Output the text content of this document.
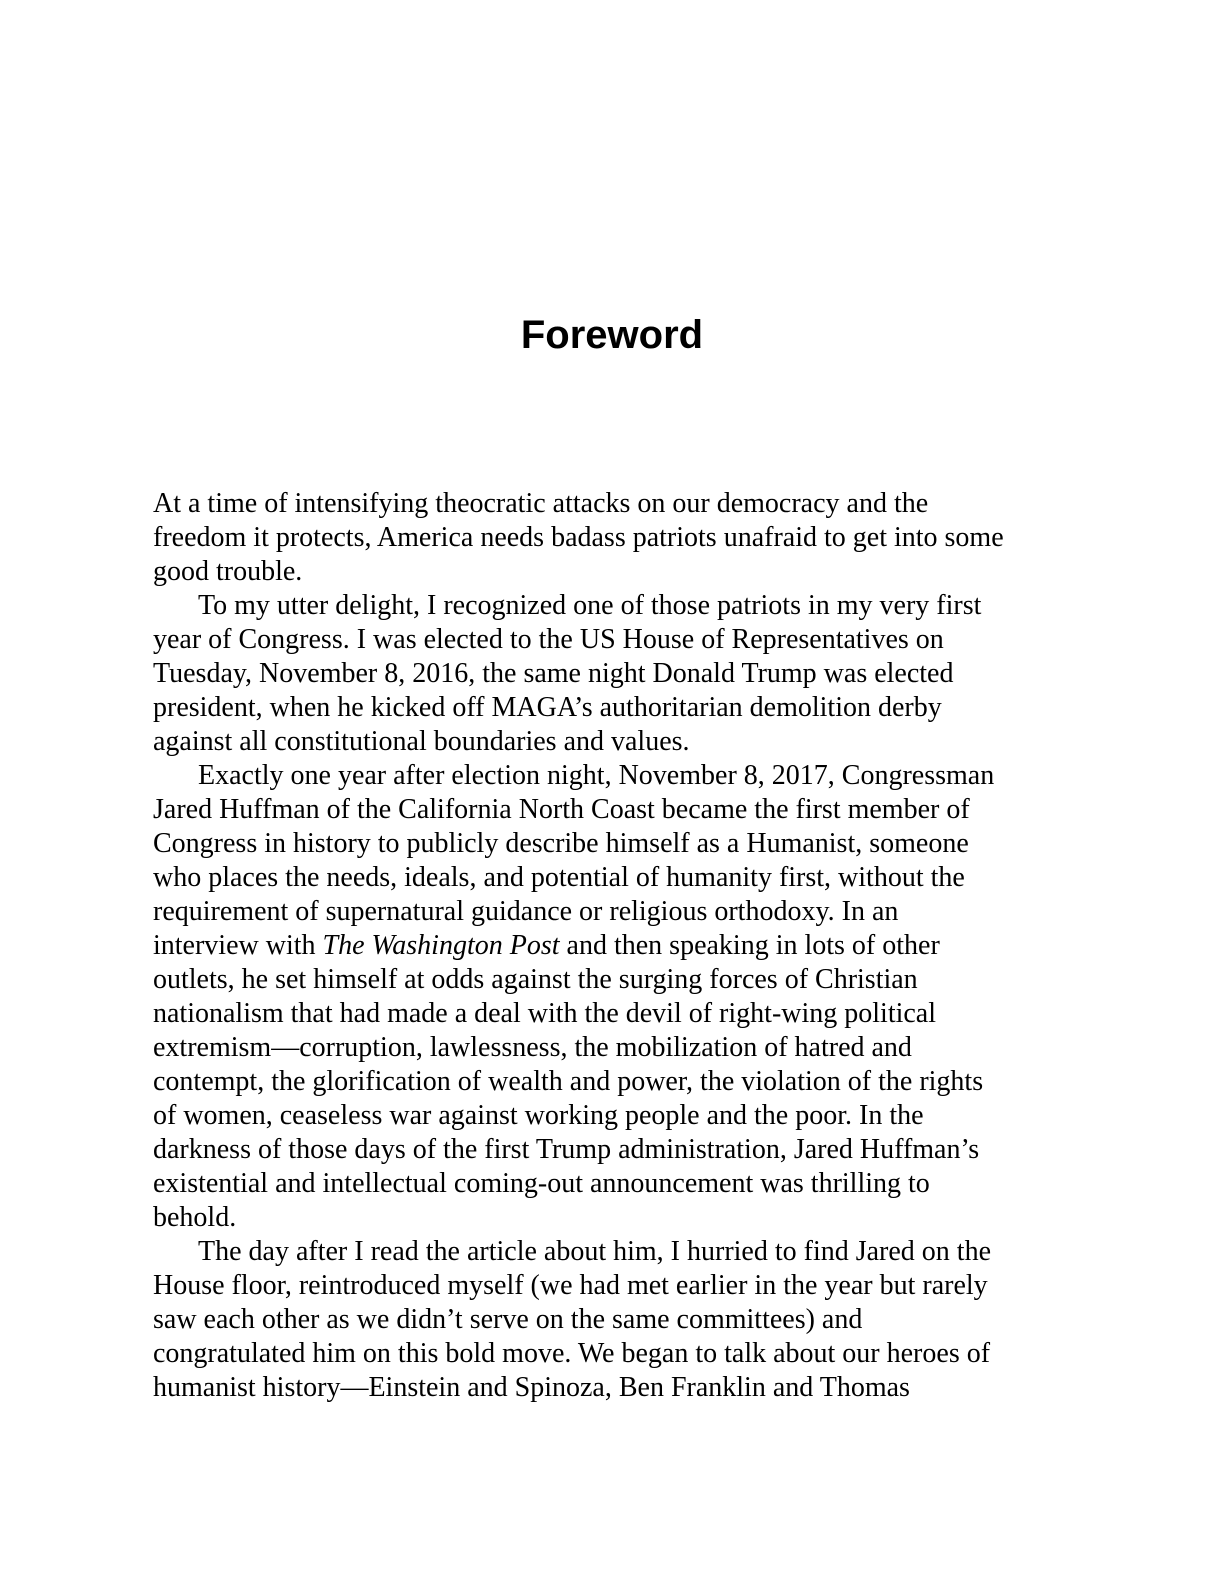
Foreword
At a time of intensifying theocratic attacks on our democracy and the
freedom it protects, America needs badass patriots unafraid to get into some
good trouble.
To my utter delight, I recognized one of those patriots in my very first
year of Congress. I was elected to the US House of Representatives on
Tuesday, November 8, 2016, the same night Donald Trump was elected
president, when he kicked off MAGA’s authoritarian demolition derby
against all constitutional boundaries and values.
Exactly one year after election night, November 8, 2017, Congressman
Jared Huffman of the California North Coast became the first member of
Congress in history to publicly describe himself as a Humanist, someone
who places the needs, ideals, and potential of humanity first, without the
requirement of supernatural guidance or religious orthodoxy. In an
interview with The Washington Post and then speaking in lots of other
outlets, he set himself at odds against the surging forces of Christian
nationalism that had made a deal with the devil of right-wing political
extremism—corruption, lawlessness, the mobilization of hatred and
contempt, the glorification of wealth and power, the violation of the rights
of women, ceaseless war against working people and the poor. In the
darkness of those days of the first Trump administration, Jared Huffman’s
existential and intellectual coming-out announcement was thrilling to
behold.
The day after I read the article about him, I hurried to find Jared on the
House floor, reintroduced myself (we had met earlier in the year but rarely
saw each other as we didn’t serve on the same committees) and
congratulated him on this bold move. We began to talk about our heroes of
humanist history—Einstein and Spinoza, Ben Franklin and Thomas
